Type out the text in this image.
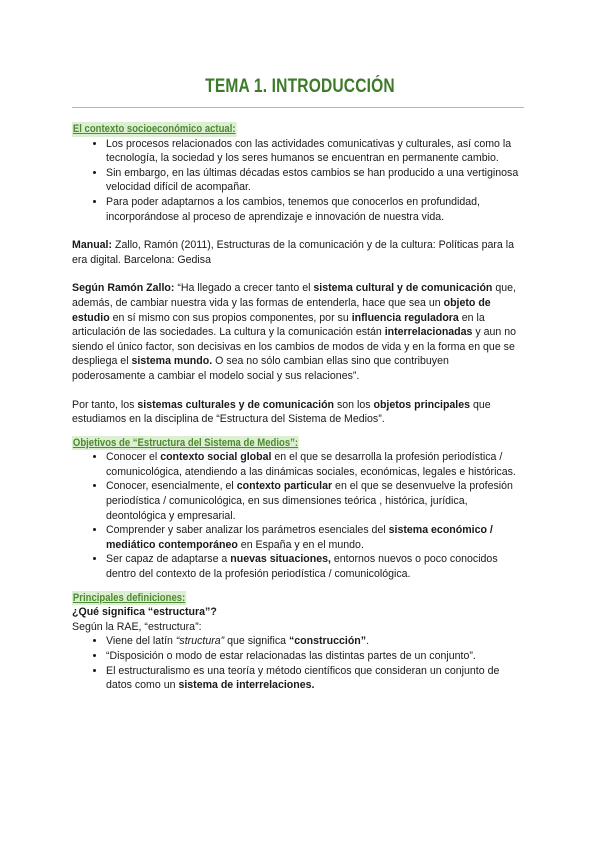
TEMA 1. INTRODUCCIÓN
El contexto socioeconómico actual:
• Los procesos relacionados con las actividades comunicativas y culturales, así como la tecnología, la sociedad y los seres humanos se encuentran en permanente cambio.
• Sin embargo, en las últimas décadas estos cambios se han producido a una vertiginosa velocidad difícil de acompañar.
• Para poder adaptarnos a los cambios, tenemos que conocerlos en profundidad, incorporándose al proceso de aprendizaje e innovación de nuestra vida.

Manual: Zallo, Ramón (2011), Estructuras de la comunicación y de la cultura: Políticas para la era digital. Barcelona: Gedisa

Según Ramón Zallo: “Ha llegado a crecer tanto el sistema cultural y de comunicación que, además, de cambiar nuestra vida y las formas de entenderla, hace que sea un objeto de estudio en sí mismo con sus propios componentes, por su influencia reguladora en la articulación de las sociedades. La cultura y la comunicación están interrelacionadas y aun no siendo el único factor, son decisivas en los cambios de modos de vida y en la forma en que se despliega el sistema mundo. O sea no sólo cambian ellas sino que contribuyen poderosamente a cambiar el modelo social y sus relaciones”.

Por tanto, los sistemas culturales y de comunicación son los objetos principales que estudiamos en la disciplina de “Estructura del Sistema de Medios”.

Objetivos de “Estructura del Sistema de Medios”:
• Conocer el contexto social global en el que se desarrolla la profesión periodística / comunicológica, atendiendo a las dinámicas sociales, económicas, legales e históricas.
• Conocer, esencialmente, el contexto particular en el que se desenvuelve la profesión periodística / comunicológica, en sus dimensiones teórica , histórica, jurídica, deontológica y empresarial.
• Comprender y saber analizar los parámetros esenciales del sistema económico / mediático contemporáneo en España y en el mundo.
• Ser capaz de adaptarse a nuevas situaciones, entornos nuevos o poco conocidos dentro del contexto de la profesión periodística / comunicológica.
Principales definiciones:

¿Qué significa “estructura”?

Según la RAE, “estructura”:

• Viene del latín “structura” que significa “construcción”.
• “Disposición o modo de estar relacionadas las distintas partes de un conjunto”.
• El estructuralismo es una teoría y método científicos que consideran un conjunto de datos como un sistema de interrelaciones.
